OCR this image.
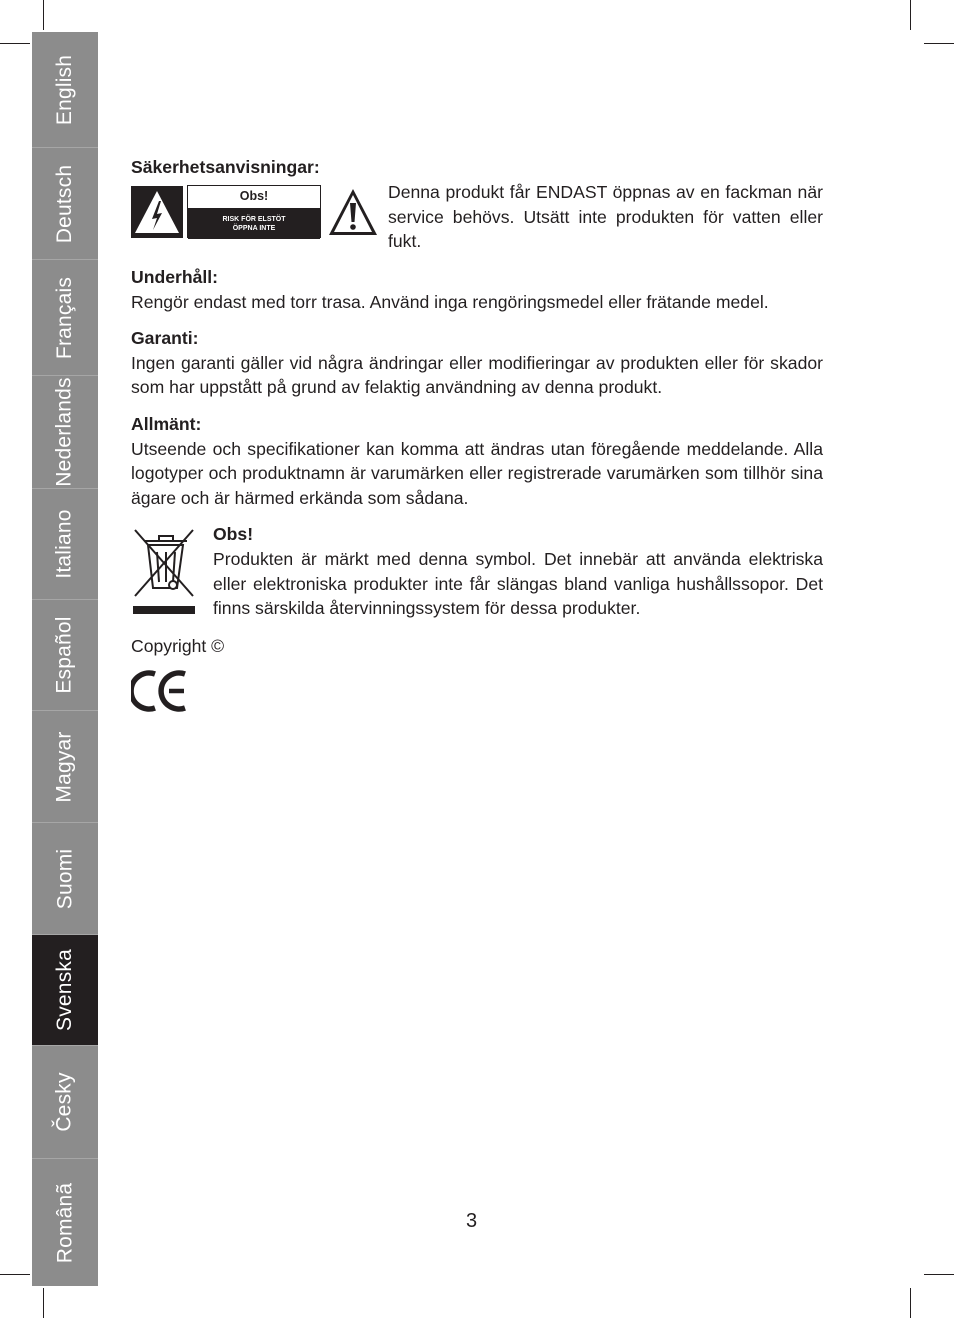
English
Deutsch
Français
Nederlands
Italiano
Español
Magyar
Suomi
Svenska
Česky
Românã
Säkerhetsanvisningar:
Obs!
RISK FÖR ELSTÖT
ÖPPNA INTE

Denna produkt får ENDAST öppnas av en fackman när service behövs. Utsätt inte produkten för vatten eller fukt.

Underhåll:

Rengör endast med torr trasa. Använd inga rengöringsmedel eller frätande medel.

Garanti:

Ingen garanti gäller vid några ändringar eller modifieringar av produkten eller för skador som har uppstått på grund av felaktig användning av denna produkt.

Allmänt:

Utseende och specifikationer kan komma att ändras utan föregående meddelande. Alla logotyper och produktnamn är varumärken eller registrerade varumärken som tillhör sina ägare och är härmed erkända som sådana.

Obs!

Produkten är märkt med denna symbol. Det innebär att använda elektriska eller elektroniska produkter inte får slängas bland vanliga hushållssopor. Det finns särskilda återvinningssystem för dessa produkter.

Copyright ©
3
